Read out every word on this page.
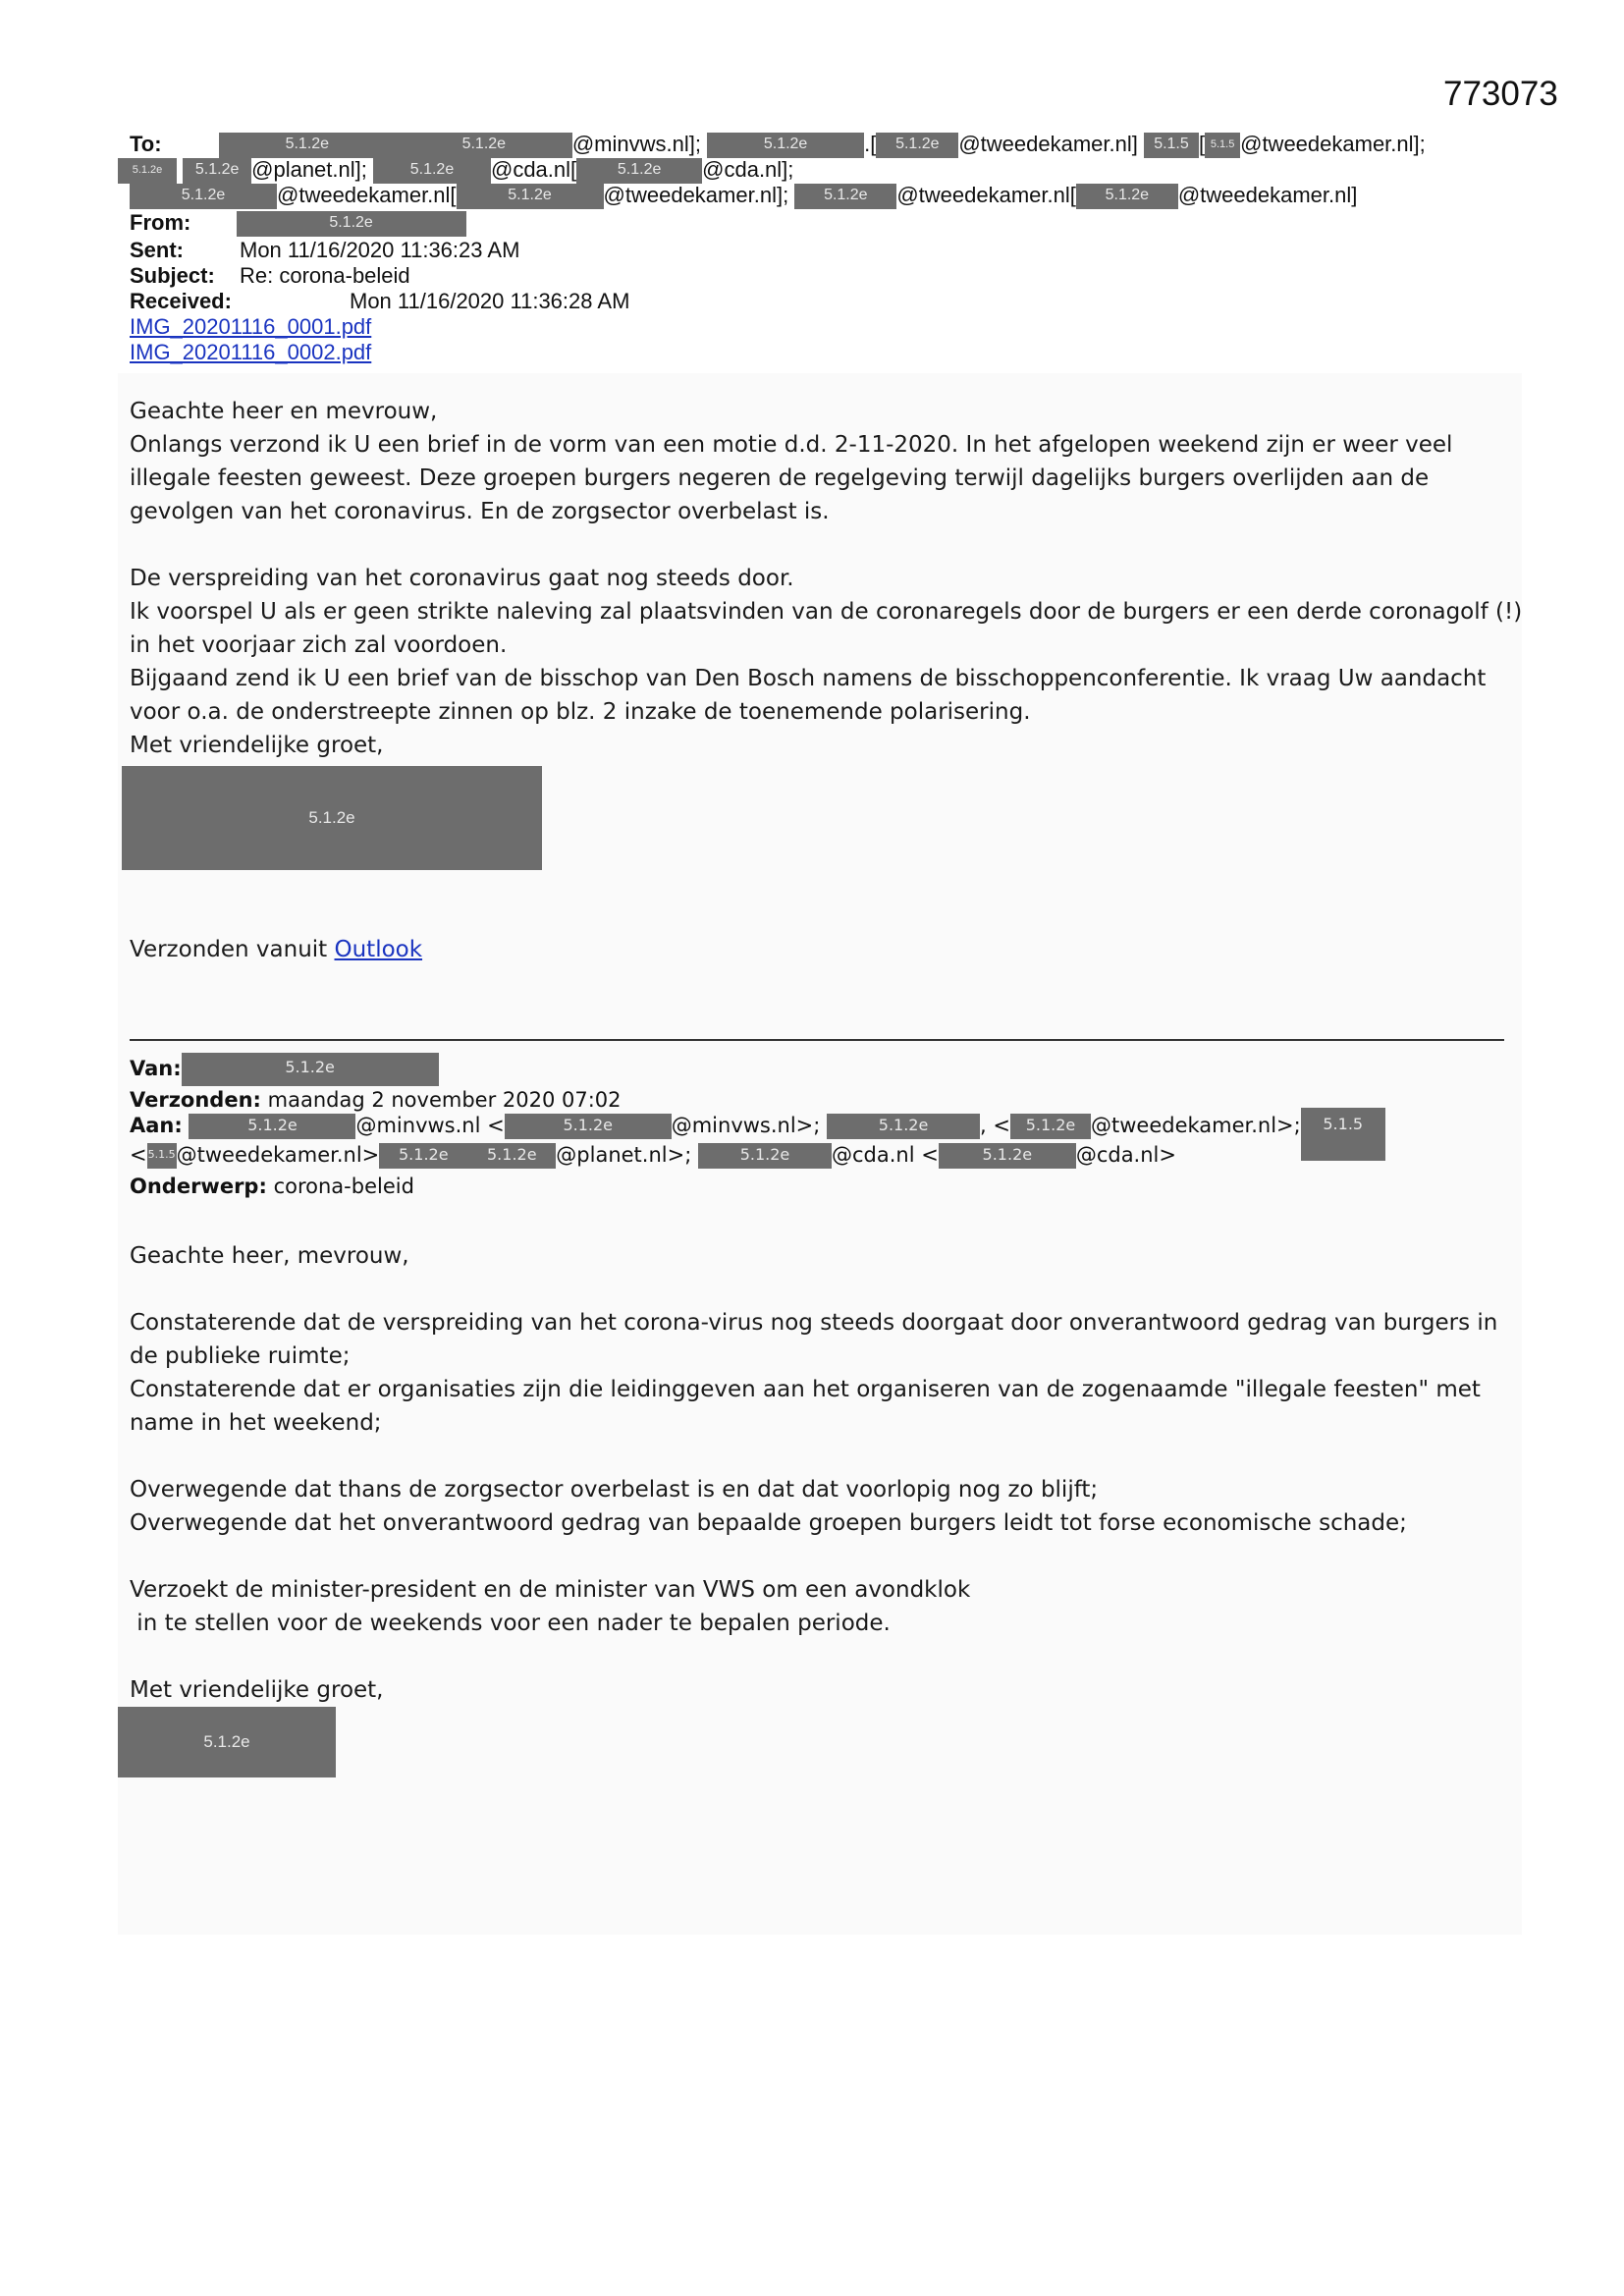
773073
To:	5.1.2e	5.1.2e	@minvws.nl];	5.1.2e	.[ 5.1.2e @tweedekamer.nl] 5.1.5 [ 5.1.5 @tweedekamer.nl];
5.1.2e 5.1.2e @planet.nl];	5.1.2e @cda.nl[	5.1.2e @cda.nl];
5.1.2e @tweedekamer.nl[	5.1.2e @tweedekamer.nl]; 5.1.2e @tweedekamer.nl[ 5.1.2e @tweedekamer.nl]
From:	5.1.2e
Sent:	Mon 11/16/2020 11:36:23 AM
Subject: Re: corona-beleid
Received:	Mon 11/16/2020 11:36:28 AM
IMG_20201116_0001.pdf
IMG_20201116_0002.pdf

Geachte heer en mevrouw,

Onlangs verzond ik U een brief in de vorm van een motie d.d. 2-11-2020. In het afgelopen weekend zijn er weer veel illegale feesten geweest. Deze groepen burgers negeren de regelgeving terwijl dagelijks burgers overlijden aan de gevolgen van het coronavirus. En de zorgsector overbelast is.

De verspreiding van het coronavirus gaat nog steeds door.

Ik voorspel U als er geen strikte naleving zal plaatsvinden van de coronaregels door de burgers er een derde coronagolf (!) in het voorjaar zich zal voordoen.

Bijgaand zend ik U een brief van de bisschop van Den Bosch namens de bisschoppenconferentie. Ik vraag Uw aandacht voor o.a. de onderstreepte zinnen op blz. 2 inzake de toenemende polarisering.

Met vriendelijke groet,

5.1.2e
Verzonden vanuit Outlook
Van:	5.1.2e
Verzonden: maandag 2 november 2020 07:02
Aan:	5.1.2e	@minvws.nl <	5.1.2e	@minvws.nl>;	5.1.2e	, < 5.1.2e @tweedekamer.nl>; 5.1.5
<5.1.5@tweedekamer.nl> 5.1.2e 5.1.2e @planet.nl>;	5.1.2e @cda.nl <	5.1.2e @cda.nl>
Onderwerp: corona-beleid

Geachte heer, mevrouw,

Constaterende dat de verspreiding van het corona-virus nog steeds doorgaat door onverantwoord gedrag van burgers in de publieke ruimte;

Constaterende dat er organisaties zijn die leidinggeven aan het organiseren van de zogenaamde "illegale feesten" met name in het weekend;

Overwegende dat thans de zorgsector overbelast is en dat dat voorlopig nog zo blijft;

Overwegende dat het onverantwoord gedrag van bepaalde groepen burgers leidt tot forse economische schade;

Verzoekt de minister-president en de minister van VWS om een avondklok

in te stellen voor de weekends voor een nader te bepalen periode.

Met vriendelijke groet,

5.1.2e
